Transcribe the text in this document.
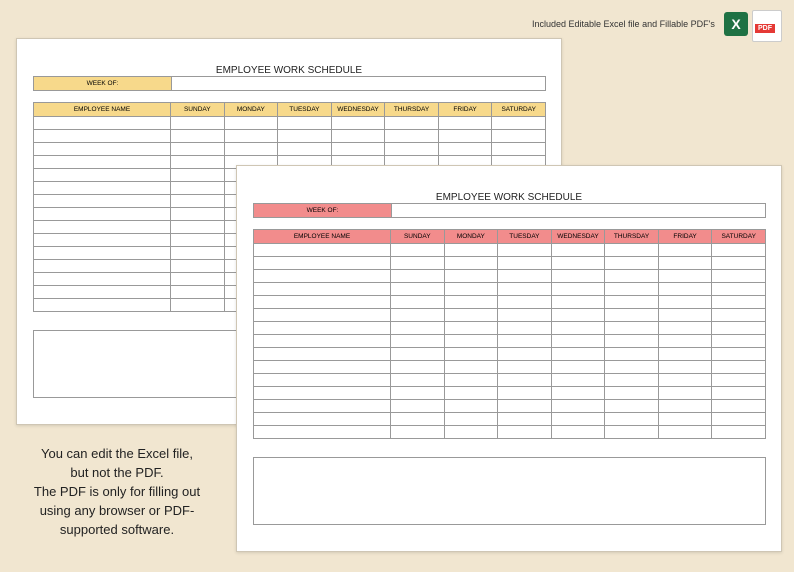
Included Editable Excel file and Fillable PDF's	X	PDF
EMPLOYEE WORK SCHEDULE
WEEK OF:
EMPLOYEE NAME	SUNDAY	MONDAY	TUESDAY	WEDNESDAY	THURSDAY	FRIDAY	SATURDAY

EMPLOYEE WORK SCHEDULE
WEEK OF:
EMPLOYEE NAME	SUNDAY	MONDAY	TUESDAY	WEDNESDAY	THURSDAY	FRIDAY	SATURDAY

You can edit the Excel file,
but not the PDF.
The PDF is only for filling out
using any browser or PDF-
supported software.
